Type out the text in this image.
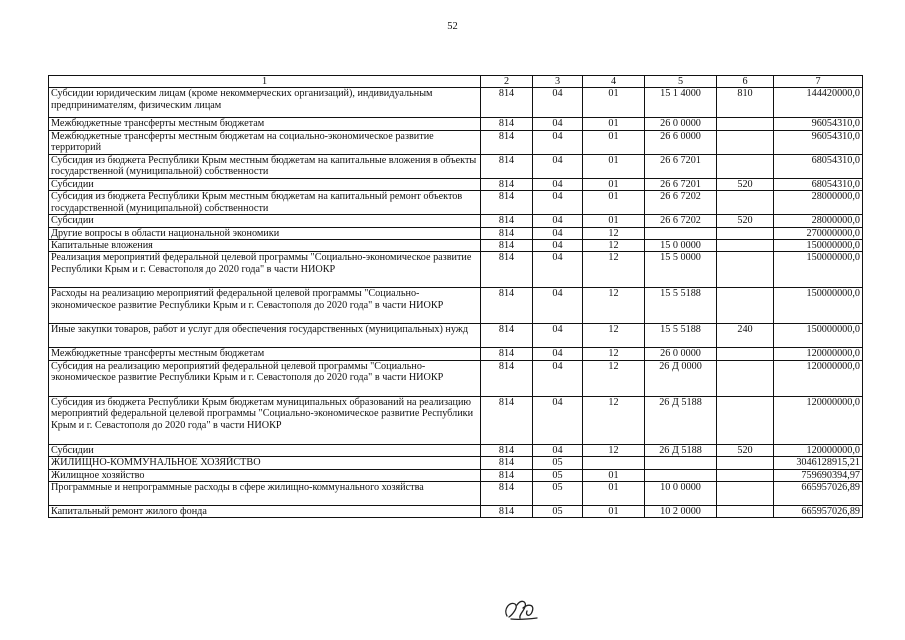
52
1	2	3	4	5	6	7
Субсидии юридическим лицам (кроме некоммерческих организаций), индивидуальным предпринимателям, физическим лицам	814	04	01	15 1 4000	810	144420000,0
Межбюджетные трансферты местным бюджетам	814	04	01	26 0 0000		96054310,0
Межбюджетные трансферты местным бюджетам на социально-экономическое развитие территорий	814	04	01	26 6 0000		96054310,0
Субсидия из бюджета Республики Крым местным бюджетам на капитальные вложения в объекты государственной (муниципальной) собственности	814	04	01	26 6 7201		68054310,0
Субсидии	814	04	01	26 6 7201	520	68054310,0
Субсидия из бюджета Республики Крым местным бюджетам на капитальный ремонт объектов государственной (муниципальной) собственности	814	04	01	26 6 7202		28000000,0
Субсидии	814	04	01	26 6 7202	520	28000000,0
Другие вопросы в области национальной экономики	814	04	12			270000000,0
Капитальные вложения	814	04	12	15 0 0000		150000000,0
Реализация мероприятий федеральной целевой программы "Социально-экономическое развитие Республики Крым и г. Севастополя до 2020 года" в части НИОКР	814	04	12	15 5 0000		150000000,0
Расходы на реализацию мероприятий федеральной целевой программы "Социально-экономическое развитие Республики Крым и г. Севастополя до 2020 года" в части НИОКР	814	04	12	15 5 5188		150000000,0
Иные закупки товаров, работ и услуг для обеспечения государственных (муниципальных) нужд	814	04	12	15 5 5188	240	150000000,0
Межбюджетные трансферты местным бюджетам	814	04	12	26 0 0000		120000000,0
Субсидия на реализацию мероприятий федеральной целевой программы "Социально-экономическое развитие Республики Крым и г. Севастополя до 2020 года" в части НИОКР	814	04	12	26 Д 0000		120000000,0
Субсидия из бюджета Республики Крым бюджетам муниципальных образований на реализацию мероприятий федеральной целевой программы "Социально-экономическое развитие Республики Крым и г. Севастополя до 2020 года" в части НИОКР	814	04	12	26 Д 5188		120000000,0
Субсидии	814	04	12	26 Д 5188	520	120000000,0
ЖИЛИЩНО-КОММУНАЛЬНОЕ ХОЗЯЙСТВО	814	05				3046128915,21
Жилищное хозяйство	814	05	01			759690394,97
Программные и непрограммные расходы в сфере жилищно-коммунального хозяйства	814	05	01	10 0 0000		665957026,89
Капитальный ремонт жилого фонда	814	05	01	10 2 0000		665957026,89
